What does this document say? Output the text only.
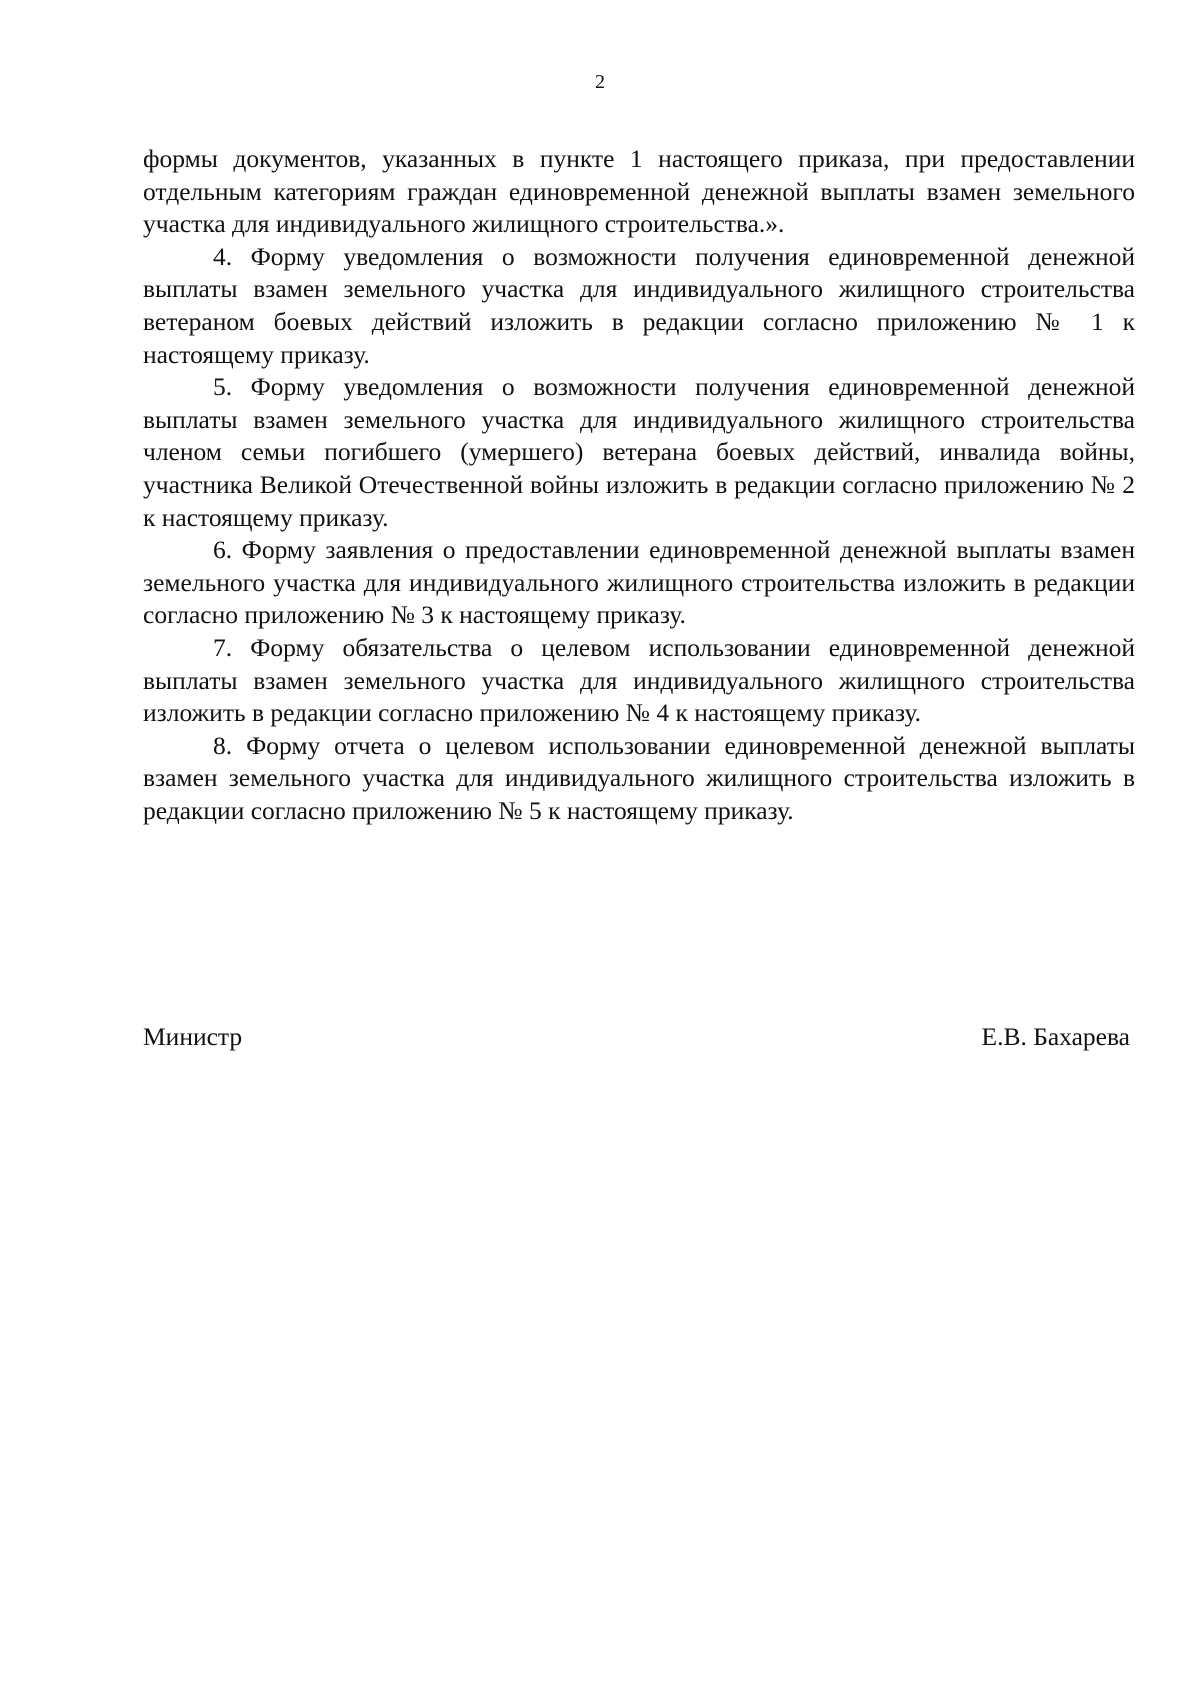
2

формы документов, указанных в пункте 1 настоящего приказа, при предоставлении отдельным категориям граждан единовременной денежной выплаты взамен земельного участка для индивидуального жилищного строительства.».

4. Форму уведомления о возможности получения единовременной денежной выплаты взамен земельного участка для индивидуального жилищного строительства ветераном боевых действий изложить в редакции согласно приложению № 1 к настоящему приказу.

5. Форму уведомления о возможности получения единовременной денежной выплаты взамен земельного участка для индивидуального жилищного строительства членом семьи погибшего (умершего) ветерана боевых действий, инвалида войны, участника Великой Отечественной войны изложить в редакции согласно приложению № 2 к настоящему приказу.

6. Форму заявления о предоставлении единовременной денежной выплаты взамен земельного участка для индивидуального жилищного строительства изложить в редакции согласно приложению № 3 к настоящему приказу.

7. Форму обязательства о целевом использовании единовременной денежной выплаты взамен земельного участка для индивидуального жилищного строительства изложить в редакции согласно приложению № 4 к настоящему приказу.

8. Форму отчета о целевом использовании единовременной денежной выплаты взамен земельного участка для индивидуального жилищного строительства изложить в редакции согласно приложению № 5 к настоящему приказу.

Министр	Е.В. Бахарева
